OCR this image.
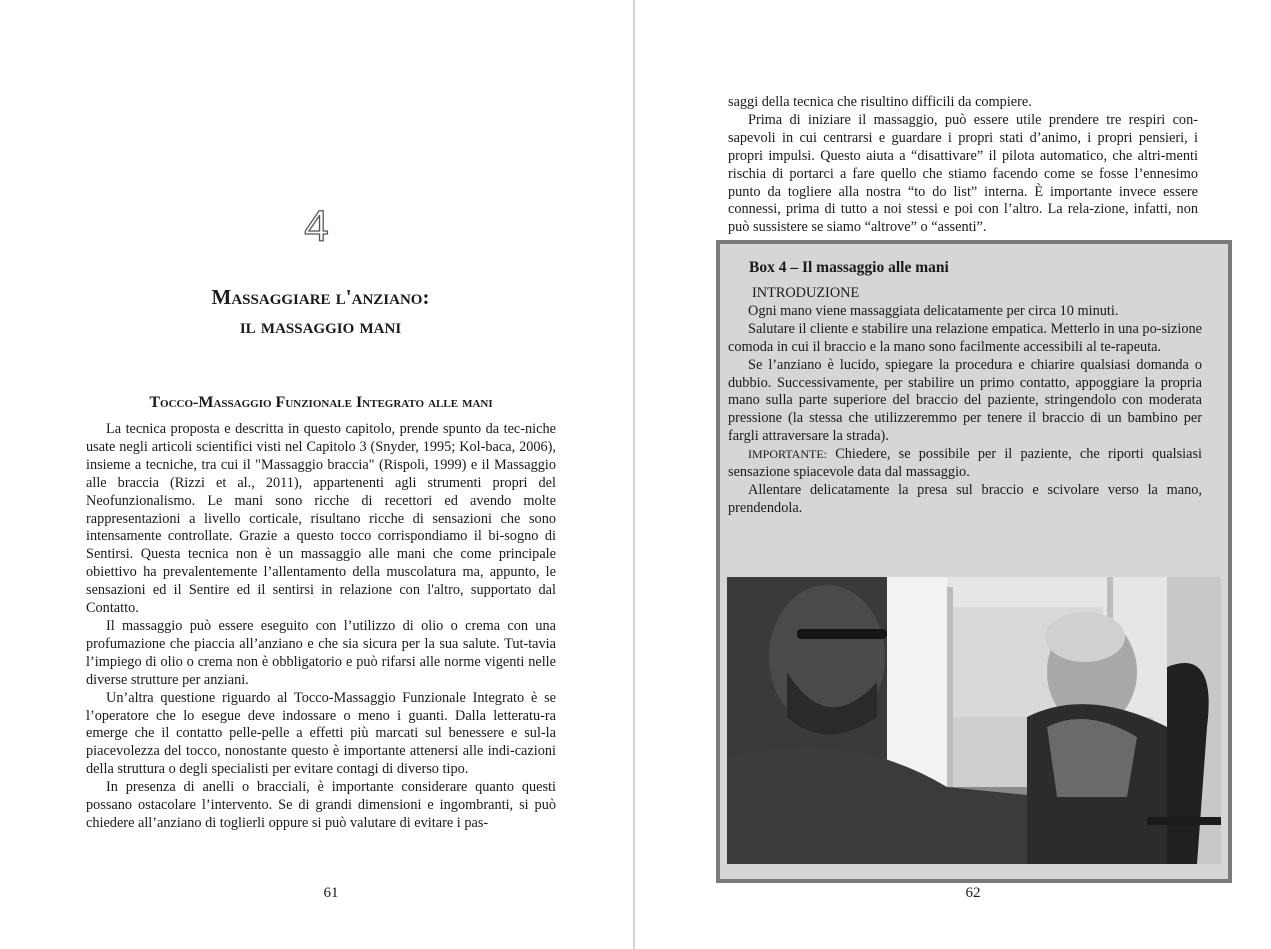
4
Massaggiare l'anziano:
il massaggio mani
Tocco-Massaggio Funzionale Integrato alle mani

La tecnica proposta e descritta in questo capitolo, prende spunto da tec-niche usate negli articoli scientifici visti nel Capitolo 3 (Snyder, 1995; Kol-baca, 2006), insieme a tecniche, tra cui il "Massaggio braccia" (Rispoli, 1999) e il Massaggio alle braccia (Rizzi et al., 2011), appartenenti agli strumenti propri del Neofunzionalismo. Le mani sono ricche di recettori ed avendo molte rappresentazioni a livello corticale, risultano ricche di sensazioni che sono intensamente controllate. Grazie a questo tocco corrispondiamo il bi-sogno di Sentirsi. Questa tecnica non è un massaggio alle mani che come principale obiettivo ha prevalentemente l’allentamento della muscolatura ma, appunto, le sensazioni ed il Sentire ed il sentirsi in relazione con l'altro, supportato dal Contatto.

Il massaggio può essere eseguito con l’utilizzo di olio o crema con una profumazione che piaccia all’anziano e che sia sicura per la sua salute. Tut-tavia l’impiego di olio o crema non è obbligatorio e può rifarsi alle norme vigenti nelle diverse strutture per anziani.

Un’altra questione riguardo al Tocco-Massaggio Funzionale Integrato è se l’operatore che lo esegue deve indossare o meno i guanti. Dalla letteratu-ra emerge che il contatto pelle-pelle a effetti più marcati sul benessere e sul-la piacevolezza del tocco, nonostante questo è importante attenersi alle indi-cazioni della struttura o degli specialisti per evitare contagi di diverso tipo.

In presenza di anelli o bracciali, è importante considerare quanto questi possano ostacolare l’intervento. Se di grandi dimensioni e ingombranti, si può chiedere all’anziano di toglierli oppure si può valutare di evitare i pas-

61

saggi della tecnica che risultino difficili da compiere.

Prima di iniziare il massaggio, può essere utile prendere tre respiri con-sapevoli in cui centrarsi e guardare i propri stati d’animo, i propri pensieri, i propri impulsi. Questo aiuta a “disattivare” il pilota automatico, che altri-menti rischia di portarci a fare quello che stiamo facendo come se fosse l’ennesimo punto da togliere alla nostra “to do list” interna. È importante invece essere connessi, prima di tutto a noi stessi e poi con l’altro. La rela-zione, infatti, non può sussistere se siamo “altrove” o “assenti”.

Box 4 – Il massaggio alle mani

INTRODUZIONE

Ogni mano viene massaggiata delicatamente per circa 10 minuti.

Salutare il cliente e stabilire una relazione empatica. Metterlo in una po-sizione comoda in cui il braccio e la mano sono facilmente accessibili al te-rapeuta.

Se l’anziano è lucido, spiegare la procedura e chiarire qualsiasi domanda o dubbio. Successivamente, per stabilire un primo contatto, appoggiare la propria mano sulla parte superiore del braccio del paziente, stringendolo con moderata pressione (la stessa che utilizzeremmo per tenere il braccio di un bambino per fargli attraversare la strada).

IMPORTANTE: Chiedere, se possibile per il paziente, che riporti qualsiasi sensazione spiacevole data dal massaggio.

Allentare delicatamente la presa sul braccio e scivolare verso la mano, prendendola.

62
